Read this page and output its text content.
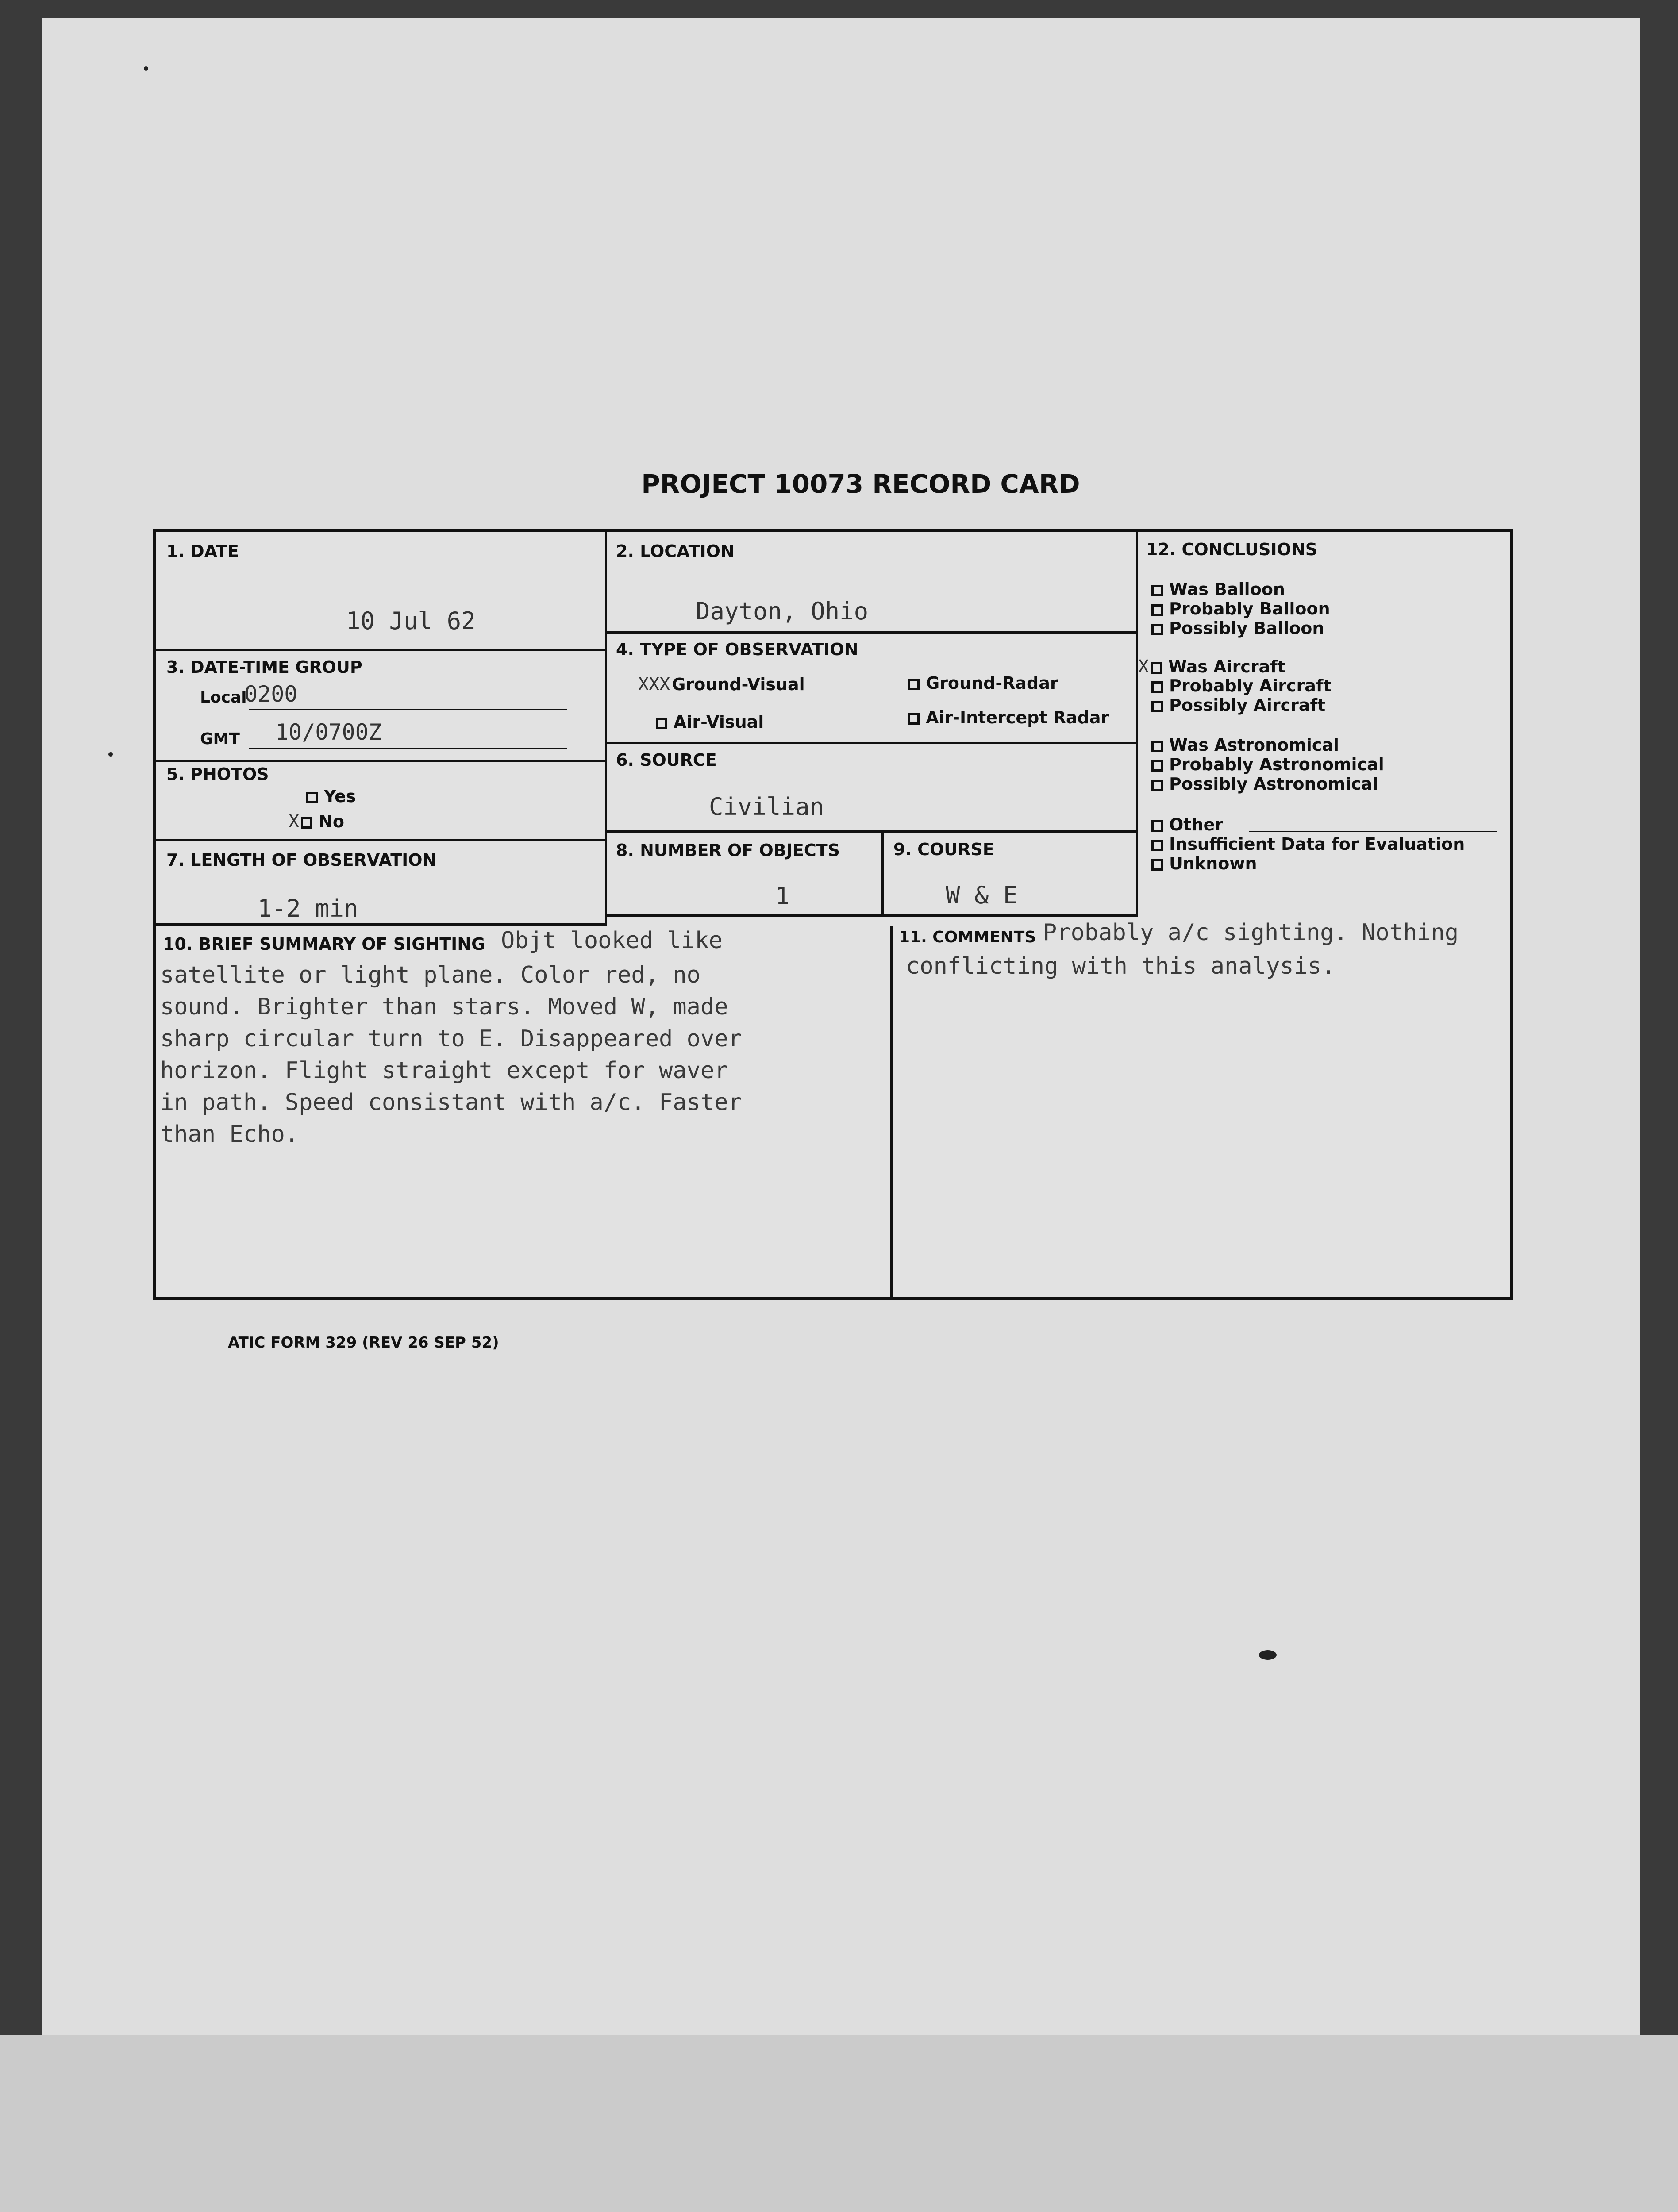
PROJECT 10073 RECORD CARD
1. DATE
10 Jul 62
2. LOCATION
Dayton, Ohio
3. DATE-TIME GROUP
Local
0200
GMT 10/0700Z
4. TYPE OF OBSERVATION
XXX Ground-Visual	Ground-Radar
Air-Visual	Air-Intercept Radar
5. PHOTOS
Yes
X No
6. SOURCE
Civilian
7. LENGTH OF OBSERVATION
1-2 min
8. NUMBER OF OBJECTS
1
9. COURSE
W & E
10. BRIEF SUMMARY OF SIGHTING Objt looked like
satellite or light plane. Color red, no
sound. Brighter than stars. Moved W, made
sharp circular turn to E. Disappeared over
horizon. Flight straight except for waver
in path. Speed consistant with a/c. Faster
than Echo.
11. COMMENTS Probably a/c sighting. Nothing
conflicting with this analysis.
12. CONCLUSIONS
Was Balloon
Probably Balloon
Possibly Balloon
X Was Aircraft
Probably Aircraft
Possibly Aircraft
Was Astronomical
Probably Astronomical
Possibly Astronomical
Other
Insufficient Data for Evaluation
Unknown
ATIC FORM 329 (REV 26 SEP 52)
